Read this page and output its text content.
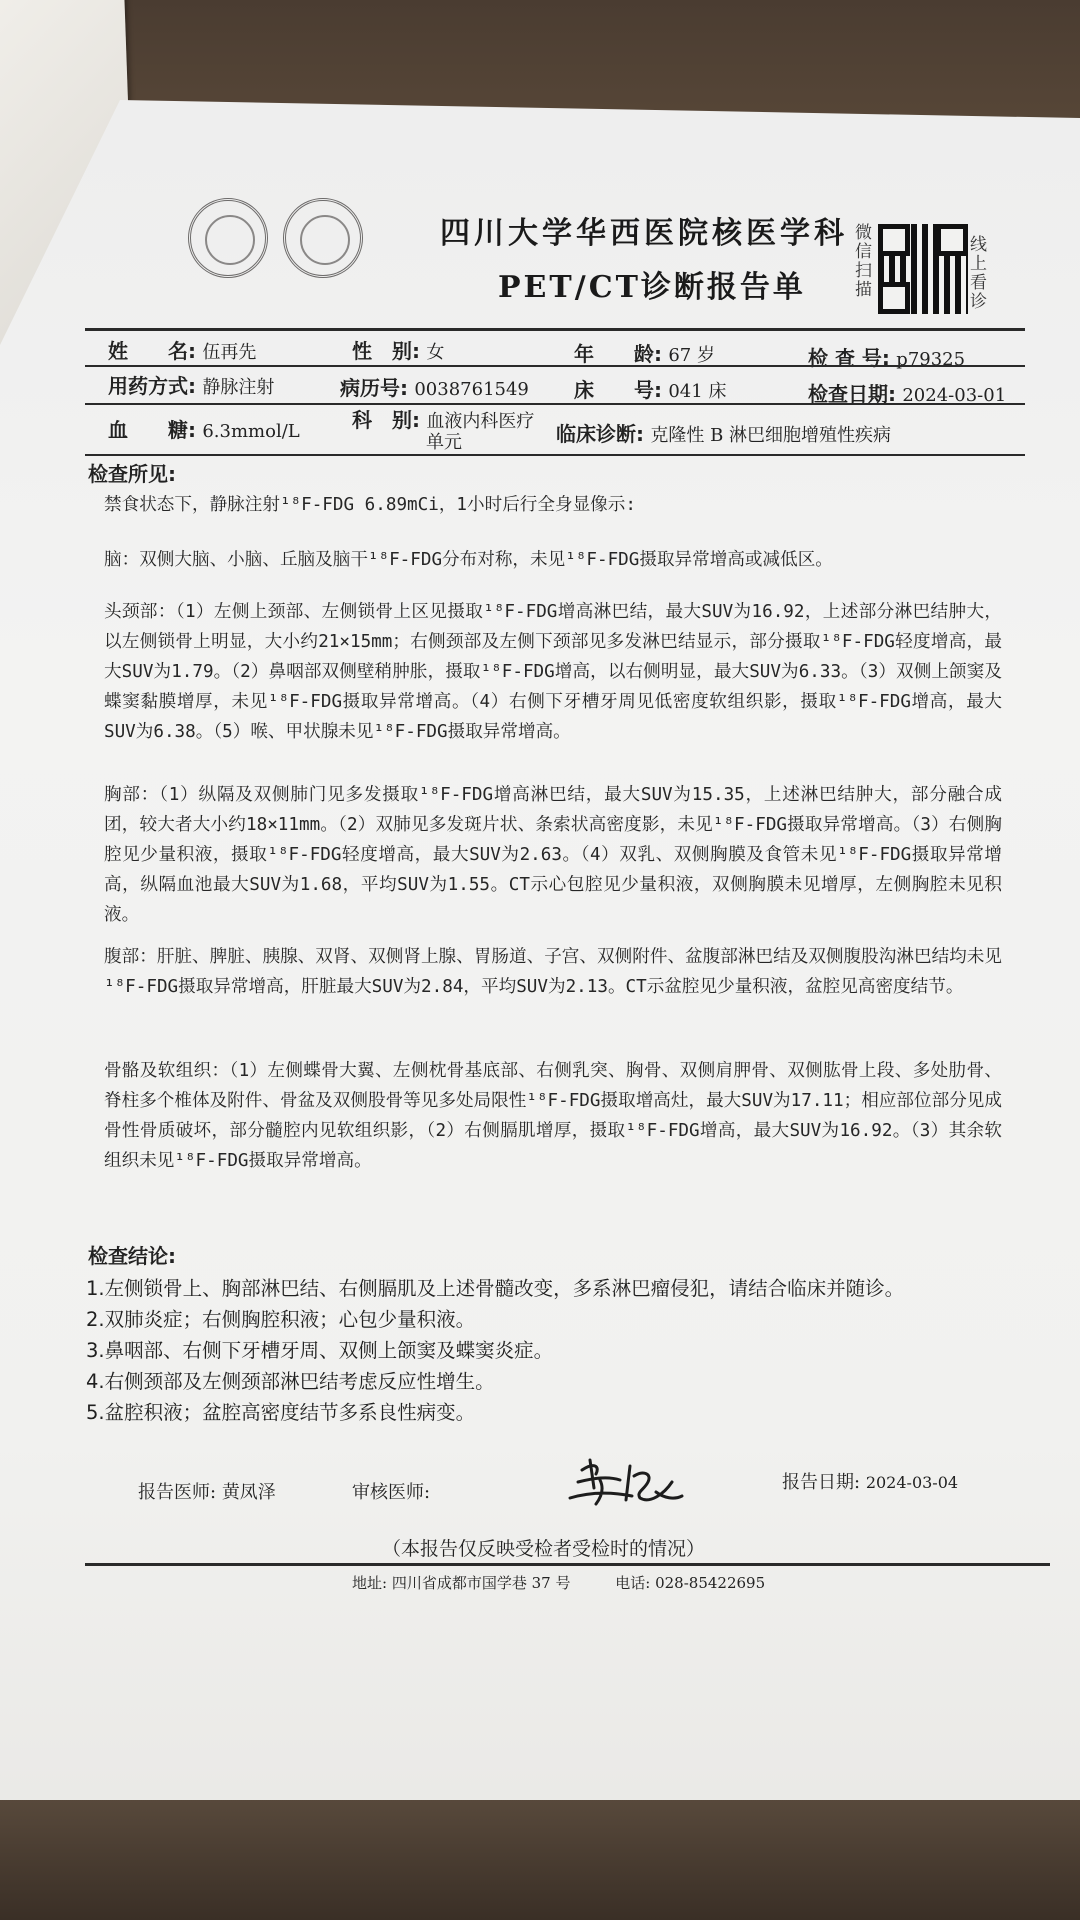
四川大学华西医院核医学科
PET/CT诊断报告单
微信扫描
线上看诊
姓　　名: 伍再先	性　别: 女	年　　龄: 67 岁	检 查 号: p79325
用药方式: 静脉注射	病历号: 0038761549 床　　号: 041 床	检查日期: 2024-03-01
血　　糖: 6.3mmol/L	科　别: 血液内科医疗
单元	临床诊断: 克隆性 B 淋巴细胞增殖性疾病
检查所见:
禁食状态下，静脉注射¹⁸F-FDG 6.89mCi，1小时后行全身显像示:
脑：双侧大脑、小脑、丘脑及脑干¹⁸F-FDG分布对称，未见¹⁸F-FDG摄取异常增高或减低区。
头颈部：（1）左侧上颈部、左侧锁骨上区见摄取¹⁸F-FDG增高淋巴结，最大SUV为16.92，上述部分淋巴结肿大，以左侧锁骨上明显，大小约21×15mm；右侧颈部及左侧下颈部见多发淋巴结显示，部分摄取¹⁸F-FDG轻度增高，最大SUV为1.79。（2）鼻咽部双侧壁稍肿胀，摄取¹⁸F-FDG增高，以右侧明显，最大SUV为6.33。（3）双侧上颌窦及蝶窦黏膜增厚，未见¹⁸F-FDG摄取异常增高。（4）右侧下牙槽牙周见低密度软组织影，摄取¹⁸F-FDG增高，最大SUV为6.38。（5）喉、甲状腺未见¹⁸F-FDG摄取异常增高。
胸部：（1）纵隔及双侧肺门见多发摄取¹⁸F-FDG增高淋巴结，最大SUV为15.35，上述淋巴结肿大，部分融合成团，较大者大小约18×11mm。（2）双肺见多发斑片状、条索状高密度影，未见¹⁸F-FDG摄取异常增高。（3）右侧胸腔见少量积液，摄取¹⁸F-FDG轻度增高，最大SUV为2.63。（4）双乳、双侧胸膜及食管未见¹⁸F-FDG摄取异常增高，纵隔血池最大SUV为1.68，平均SUV为1.55。CT示心包腔见少量积液，双侧胸膜未见增厚，左侧胸腔未见积液。
腹部：肝脏、脾脏、胰腺、双肾、双侧肾上腺、胃肠道、子宫、双侧附件、盆腹部淋巴结及双侧腹股沟淋巴结均未见¹⁸F-FDG摄取异常增高，肝脏最大SUV为2.84，平均SUV为2.13。CT示盆腔见少量积液，盆腔见高密度结节。
骨骼及软组织：（1）左侧蝶骨大翼、左侧枕骨基底部、右侧乳突、胸骨、双侧肩胛骨、双侧肱骨上段、多处肋骨、脊柱多个椎体及附件、骨盆及双侧股骨等见多处局限性¹⁸F-FDG摄取增高灶，最大SUV为17.11；相应部位部分见成骨性骨质破坏，部分髓腔内见软组织影，（2）右侧膈肌增厚，摄取¹⁸F-FDG增高，最大SUV为16.92。（3）其余软组织未见¹⁸F-FDG摄取异常增高。
检查结论:
1.左侧锁骨上、胸部淋巴结、右侧膈肌及上述骨髓改变，多系淋巴瘤侵犯，请结合临床并随诊。
2.双肺炎症；右侧胸腔积液；心包少量积液。
3.鼻咽部、右侧下牙槽牙周、双侧上颌窦及蝶窦炎症。
4.右侧颈部及左侧颈部淋巴结考虑反应性增生。
5.盆腔积液；盆腔高密度结节多系良性病变。
报告医师: 黄凤泽	审核医师:	报告日期: 2024-03-04
（本报告仅反映受检者受检时的情况）
地址: 四川省成都市国学巷 37 号	电话: 028-85422695
